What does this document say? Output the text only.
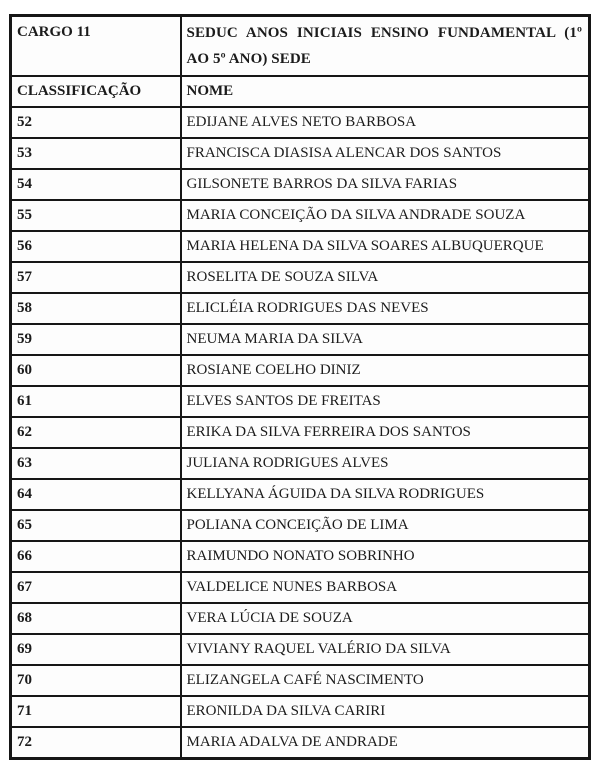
CARGO 11	SEDUC ANOS INICIAIS ENSINO FUNDAMENTAL (1º AO 5º ANO) SEDE
CLASSIFICAÇÃO	NOME
52	EDIJANE ALVES NETO BARBOSA
53	FRANCISCA DIASISA ALENCAR DOS SANTOS
54	GILSONETE BARROS DA SILVA FARIAS
55	MARIA CONCEIÇÃO DA SILVA ANDRADE SOUZA
56	MARIA HELENA DA SILVA SOARES ALBUQUERQUE
57	ROSELITA DE SOUZA SILVA
58	ELICLÉIA RODRIGUES DAS NEVES
59	NEUMA MARIA DA SILVA
60	ROSIANE COELHO DINIZ
61	ELVES SANTOS DE FREITAS
62	ERIKA DA SILVA FERREIRA DOS SANTOS
63	JULIANA RODRIGUES ALVES
64	KELLYANA ÁGUIDA DA SILVA RODRIGUES
65	POLIANA CONCEIÇÃO DE LIMA
66	RAIMUNDO NONATO SOBRINHO
67	VALDELICE NUNES BARBOSA
68	VERA LÚCIA DE SOUZA
69	VIVIANY RAQUEL VALÉRIO DA SILVA
70	ELIZANGELA CAFÉ NASCIMENTO
71	ERONILDA DA SILVA CARIRI
72	MARIA ADALVA DE ANDRADE
